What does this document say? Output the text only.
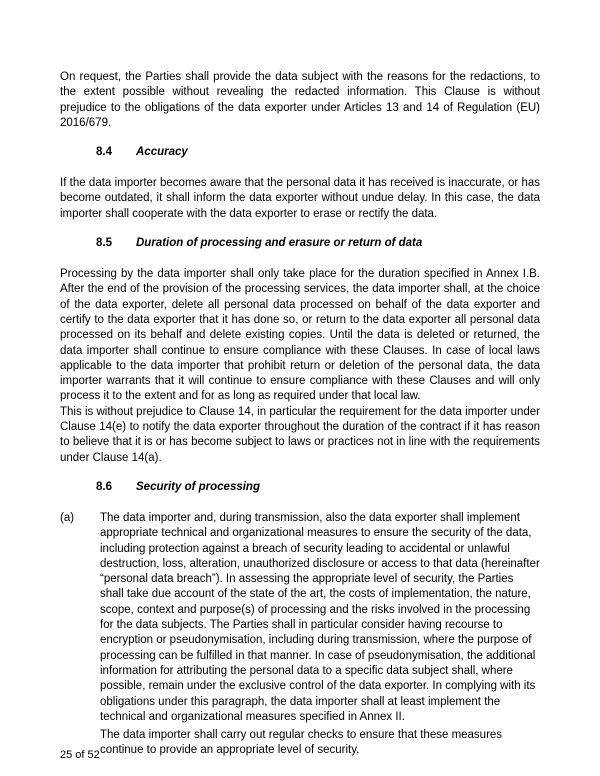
On request, the Parties shall provide the data subject with the reasons for the redactions, to the extent possible without revealing the redacted information. This Clause is without prejudice to the obligations of the data exporter under Articles 13 and 14 of Regulation (EU) 2016/679.

8.4 Accuracy

If the data importer becomes aware that the personal data it has received is inaccurate, or has become outdated, it shall inform the data exporter without undue delay. In this case, the data importer shall cooperate with the data exporter to erase or rectify the data.

8.5 Duration of processing and erasure or return of data

Processing by the data importer shall only take place for the duration specified in Annex I.B. After the end of the provision of the processing services, the data importer shall, at the choice of the data exporter, delete all personal data processed on behalf of the data exporter and certify to the data exporter that it has done so, or return to the data exporter all personal data processed on its behalf and delete existing copies. Until the data is deleted or returned, the data importer shall continue to ensure compliance with these Clauses. In case of local laws applicable to the data importer that prohibit return or deletion of the personal data, the data importer warrants that it will continue to ensure compliance with these Clauses and will only process it to the extent and for as long as required under that local law.

This is without prejudice to Clause 14, in particular the requirement for the data importer under Clause 14(e) to notify the data exporter throughout the duration of the contract if it has reason to believe that it is or has become subject to laws or practices not in line with the requirements under Clause 14(a).

8.6 Security of processing
(a)	The data importer and, during transmission, also the data exporter shall implement appropriate technical and organizational measures to ensure the security of the data, including protection against a breach of security leading to accidental or unlawful destruction, loss, alteration, unauthorized disclosure or access to that data (hereinafter “personal data breach”). In assessing the appropriate level of security, the Parties shall take due account of the state of the art, the costs of implementation, the nature, scope, context and purpose(s) of processing and the risks involved in the processing for the data subjects. The Parties shall in particular consider having recourse to encryption or pseudonymisation, including during transmission, where the purpose of processing can be fulfilled in that manner. In case of pseudonymisation, the additional information for attributing the personal data to a specific data subject shall, where possible, remain under the exclusive control of the data exporter. In complying with its obligations under this paragraph, the data importer shall at least implement the technical and organizational measures specified in Annex II.

The data importer shall carry out regular checks to ensure that these measures continue to provide an appropriate level of security.

25 of 52
